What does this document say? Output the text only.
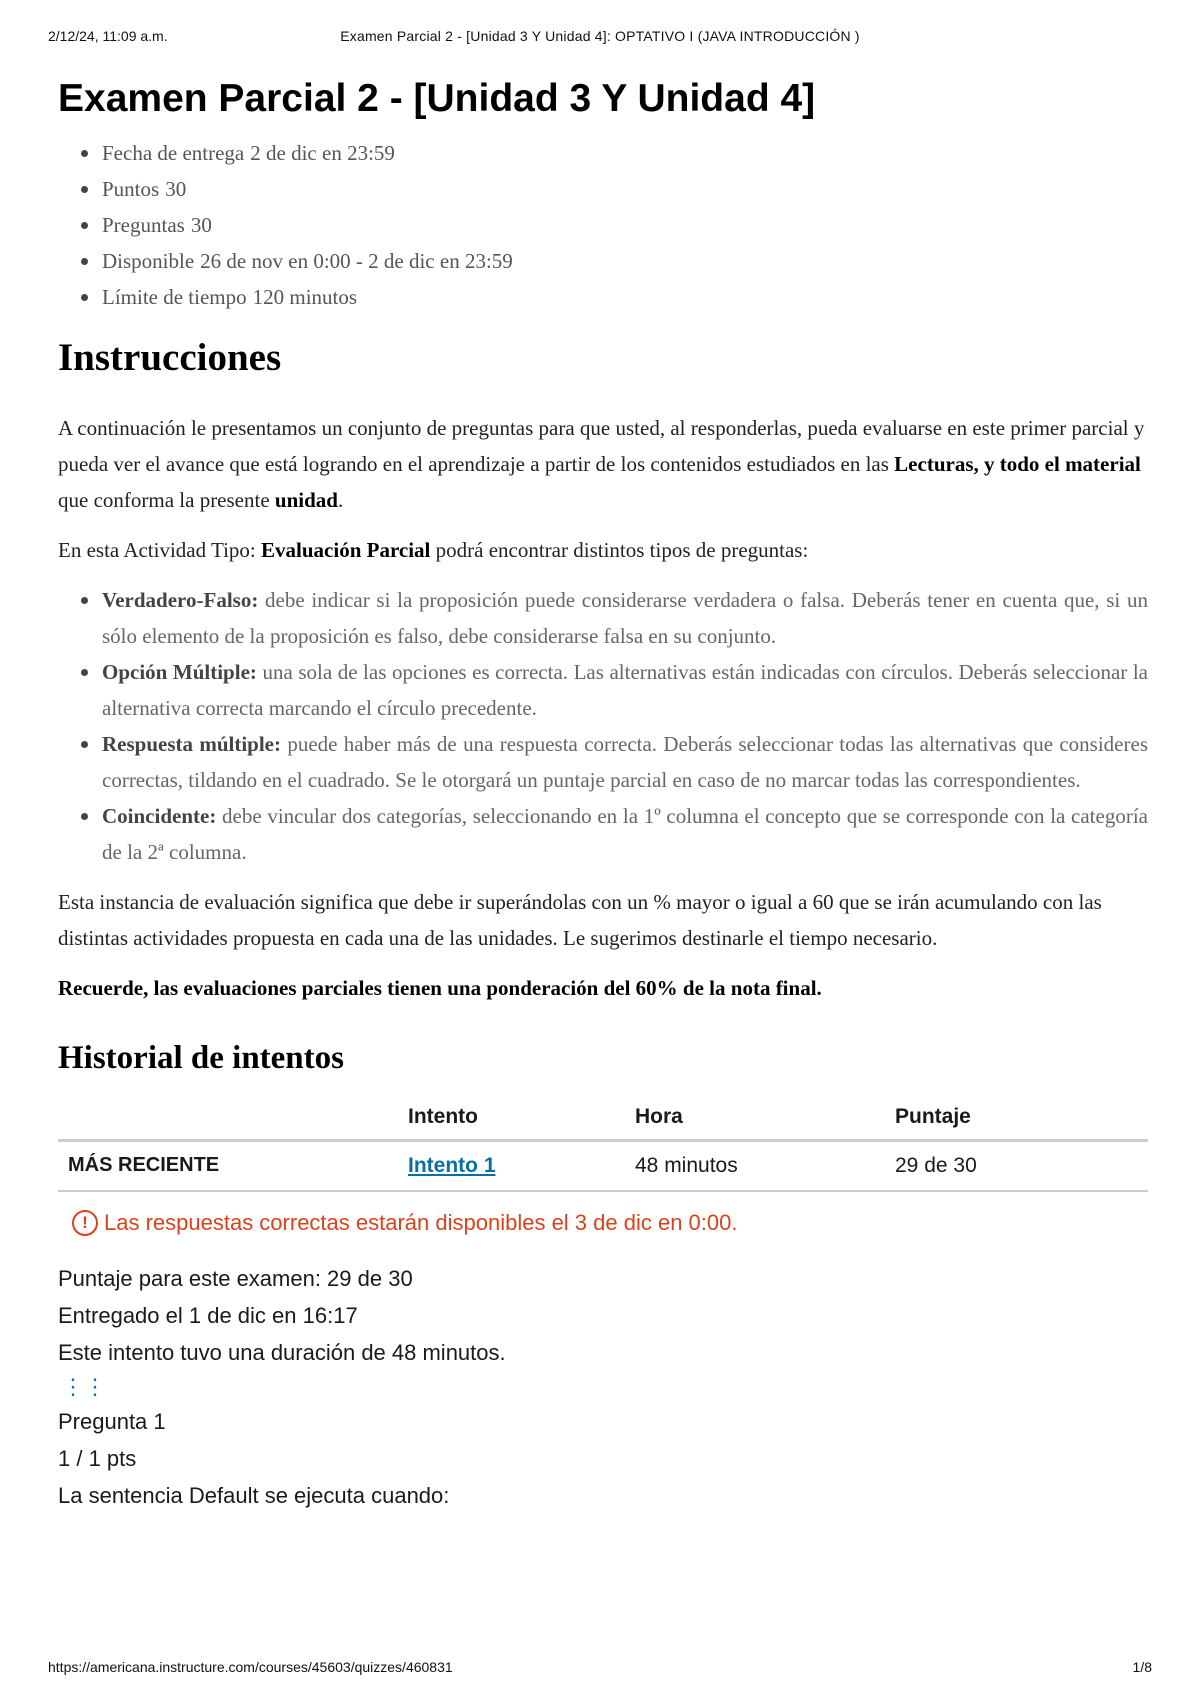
2/12/24, 11:09 a.m.	Examen Parcial 2 - [Unidad 3 Y Unidad 4]: OPTATIVO I (JAVA INTRODUCCIÓN )
Examen Parcial 2 - [Unidad 3 Y Unidad 4]
Fecha de entrega 2 de dic en 23:59
Puntos 30
Preguntas 30
Disponible 26 de nov en 0:00 - 2 de dic en 23:59
Límite de tiempo 120 minutos
Instrucciones

A continuación le presentamos un conjunto de preguntas para que usted, al responderlas, pueda evaluarse en este primer parcial y pueda ver el avance que está logrando en el aprendizaje a partir de los contenidos estudiados en las Lecturas, y todo el material que conforma la presente unidad.

En esta Actividad Tipo: Evaluación Parcial podrá encontrar distintos tipos de preguntas:

Verdadero-Falso: debe indicar si la proposición puede considerarse verdadera o falsa. Deberás tener en cuenta que, si un sólo elemento de la proposición es falso, debe considerarse falsa en su conjunto.
Opción Múltiple: una sola de las opciones es correcta. Las alternativas están indicadas con círculos. Deberás seleccionar la alternativa correcta marcando el círculo precedente.
Respuesta múltiple: puede haber más de una respuesta correcta. Deberás seleccionar todas las alternativas que consideres correctas, tildando en el cuadrado. Se le otorgará un puntaje parcial en caso de no marcar todas las correspondientes.
Coincidente: debe vincular dos categorías, seleccionando en la 1º columna el concepto que se corresponde con la categoría de la 2ª columna.

Esta instancia de evaluación significa que debe ir superándolas con un % mayor o igual a 60 que se irán acumulando con las distintas actividades propuesta en cada una de las unidades. Le sugerimos destinarle el tiempo necesario.

Recuerde, las evaluaciones parciales tienen una ponderación del 60% de la nota final.

Historial de intentos
	Intento	Hora	Puntaje
MÁS RECIENTE	Intento 1	48 minutos	29 de 30
! Las respuestas correctas estarán disponibles el 3 de dic en 0:00.
Puntaje para este examen: 29 de 30
Entregado el 1 de dic en 16:17
Este intento tuvo una duración de 48 minutos.
⋮⋮
Pregunta 1
1 / 1 pts
La sentencia Default se ejecuta cuando:
https://americana.instructure.com/courses/45603/quizzes/460831	1/8
